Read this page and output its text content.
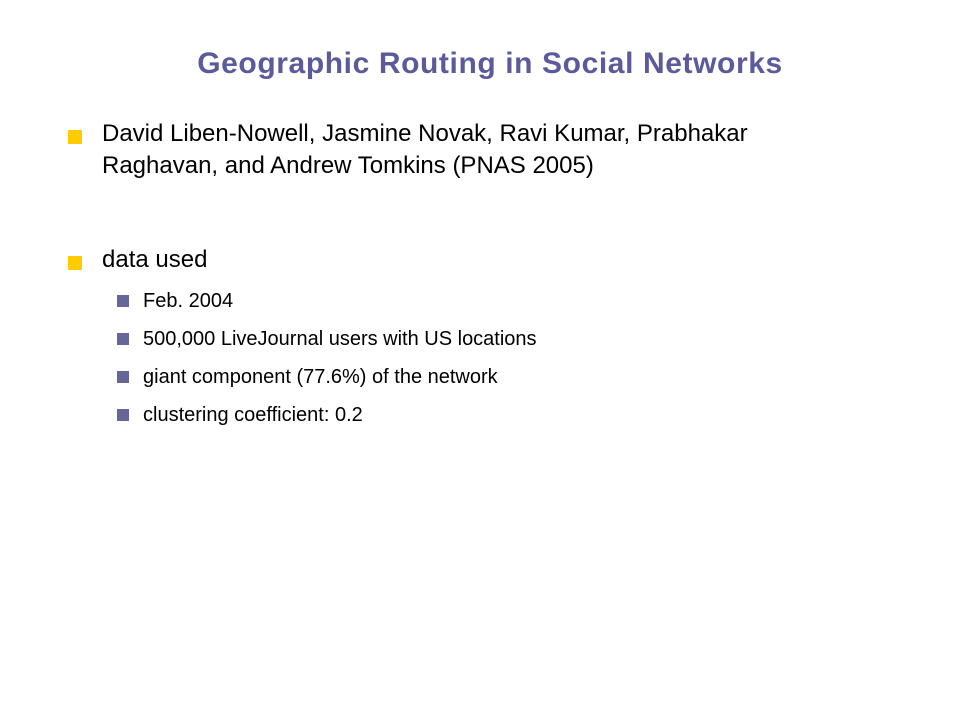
Geographic Routing in Social Networks
David Liben-Nowell, Jasmine Novak, Ravi Kumar, Prabhakar Raghavan, and Andrew Tomkins (PNAS 2005)
data used
Feb. 2004
500,000 LiveJournal users with US locations
giant component (77.6%) of the network
clustering coefficient: 0.2
